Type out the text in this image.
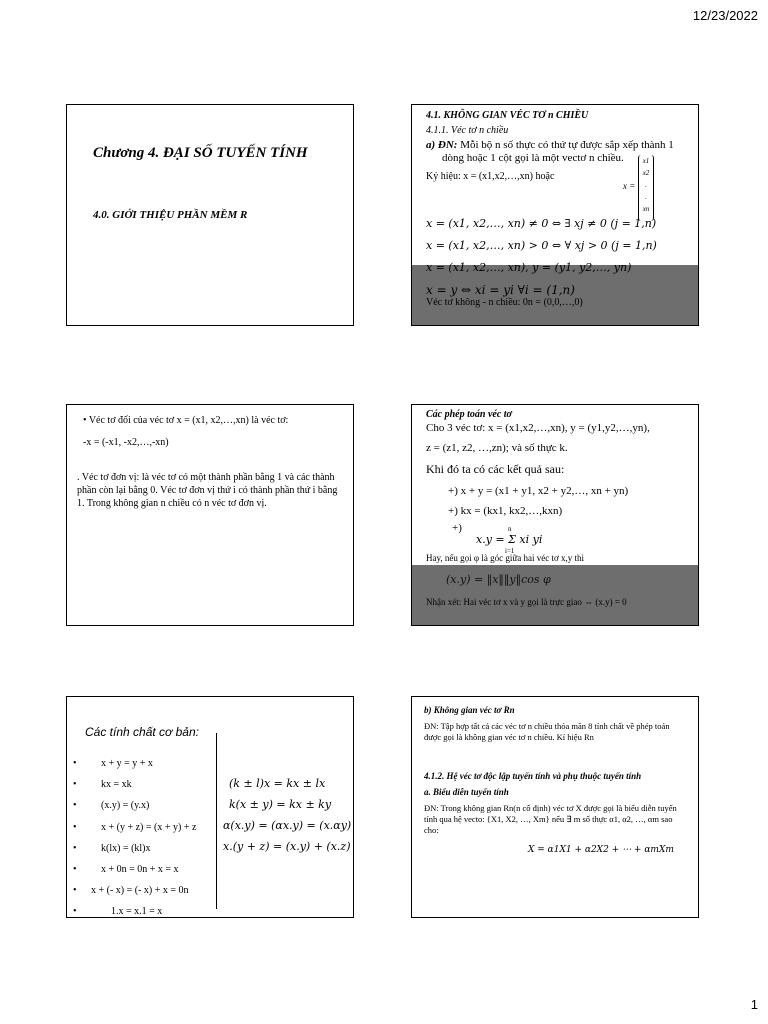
12/23/2022
Chương 4. ĐẠI SỐ TUYẾN TÍNH
4.0. GIỚI THIỆU PHẦN MỀM R
4.1. KHÔNG GIAN VÉC TƠ n CHIỀU
4.1.1. Véc tơ n chiều
a) ĐN: Mỗi bộ n số thực có thứ tự được sắp xếp thành 1
dòng hoặc 1 cột gọi là một vectơ n chiều.
Ký hiệu: x = (x1,x2,…,xn) hoặc
x =
x1
x2
.
.
xn
x = (x1, x2,…, xn) ≠ 0 ⇔ ∃ xj ≠ 0 (j = 1,n)
x = (x1, x2,…, xn) > 0 ⇔ ∀ xj > 0 (j = 1,n)
x = (x1, x2,…, xn), y = (y1, y2,…, yn)
x = y ⇔ xi = yi ∀i = (1,n)
Véc tơ không - n chiều: 0n = (0,0,…,0)
• Véc tơ đối của véc tơ x = (x1, x2,…,xn) là véc tơ:
-x = (-x1, -x2,…,-xn)
. Véc tơ đơn vị: là véc tơ có một thành phần bằng 1 và các thành phần còn lại bằng 0. Véc tơ đơn vị thứ i có thành phần thứ i bằng 1. Trong không gian n chiều có n véc tơ đơn vị.
Các phép toán véc tơ
Cho 3 véc tơ: x = (x1,x2,…,xn), y = (y1,y2,…,yn),
z = (z1, z2, …,zn); và số thực k.
Khi đó ta có các kết quả sau:
+) x + y = (x1 + y1, x2 + y2,…, xn + yn)
+) kx = (kx1, kx2,…,kxn)
+)	n
x.y = Σ xi yi
i=1
Hay, nếu gọi φ là góc giữa hai véc tơ x,y thì
(x.y) = ‖x‖‖y‖cos φ
Nhận xét: Hai véc tơ x và y gọi là trực giao ⇔ (x.y) = 0
Các tính chất cơ bản:
• x + y = y + x
• kx = xk
• (x.y) = (y.x)
• x + (y + z) = (x + y) + z
• k(lx) = (kl)x
• x + 0n = 0n + x = x
• x + (- x) = (- x) + x = 0n
•	1.x = x.1 = x
(k ± l)x = kx ± lx
k(x ± y) = kx ± ky
α(x.y) = (αx.y) = (x.αy)
x.(y + z) = (x.y) + (x.z)
b) Không gian véc tơ Rn
ĐN: Tập hợp tất cả các véc tơ n chiều thỏa mãn 8 tính chất về phép toán được gọi là không gian véc tơ n chiều. Kí hiệu Rn
4.1.2. Hệ véc tơ độc lập tuyến tính và phụ thuộc tuyến tính
a. Biểu diễn tuyến tính
ĐN: Trong không gian Rn(n cố định) véc tơ X được gọi là biểu diễn tuyến tính qua hệ vecto: {X1, X2, …, Xm} nếu ∃ m số thực α1, α2, …, αm sao cho:
X = α1X1 + α2X2 + ⋯ + αmXm
1
